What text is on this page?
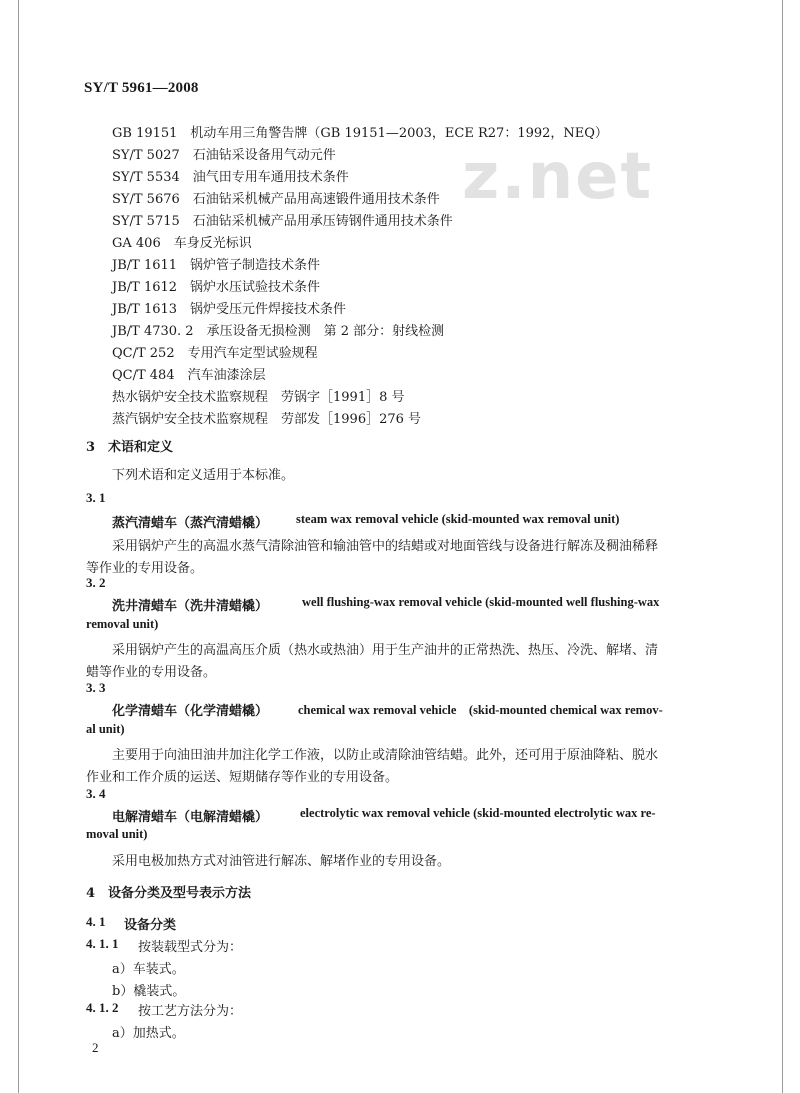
z.net
SY/T 5961—2008
GB 19151　机动车用三角警告牌（GB 19151—2003，ECE R27：1992，NEQ）
SY/T 5027　石油钻采设备用气动元件
SY/T 5534　油气田专用车通用技术条件
SY/T 5676　石油钻采机械产品用高速锻件通用技术条件
SY/T 5715　石油钻采机械产品用承压铸钢件通用技术条件
GA 406　车身反光标识
JB/T 1611　锅炉管子制造技术条件
JB/T 1612　锅炉水压试验技术条件
JB/T 1613　锅炉受压元件焊接技术条件
JB/T 4730. 2　承压设备无损检测　第 2 部分：射线检测
QC/T 252　专用汽车定型试验规程
QC/T 484　汽车油漆涂层
热水锅炉安全技术监察规程　劳锅字［1991］8 号
蒸汽锅炉安全技术监察规程　劳部发［1996］276 号
3　术语和定义
下列术语和定义适用于本标准。
3. 1
蒸汽清蜡车（蒸汽清蜡橇） steam wax removal vehicle (skid-mounted wax removal unit)
采用锅炉产生的高温水蒸气清除油管和输油管中的结蜡或对地面管线与设备进行解冻及稠油稀释
等作业的专用设备。
3. 2
洗井清蜡车（洗井清蜡橇）	well flushing-wax removal vehicle (skid-mounted well flushing-wax
removal unit)
采用锅炉产生的高温高压介质（热水或热油）用于生产油井的正常热洗、热压、冷洗、解堵、清
蜡等作业的专用设备。
3. 3
化学清蜡车（化学清蜡橇） chemical wax removal vehicle　(skid-mounted chemical wax remov-
al unit)
主要用于向油田油井加注化学工作液，以防止或清除油管结蜡。此外，还可用于原油降粘、脱水
作业和工作介质的运送、短期储存等作业的专用设备。
3. 4
电解清蜡车（电解清蜡橇）	electrolytic wax removal vehicle (skid-mounted electrolytic wax re-
moval unit)
采用电极加热方式对油管进行解冻、解堵作业的专用设备。
4　设备分类及型号表示方法
4. 1 设备分类
4. 1. 1 按装载型式分为：
a）车装式。
b）橇装式。
4. 1. 2 按工艺方法分为：
a）加热式。
2
